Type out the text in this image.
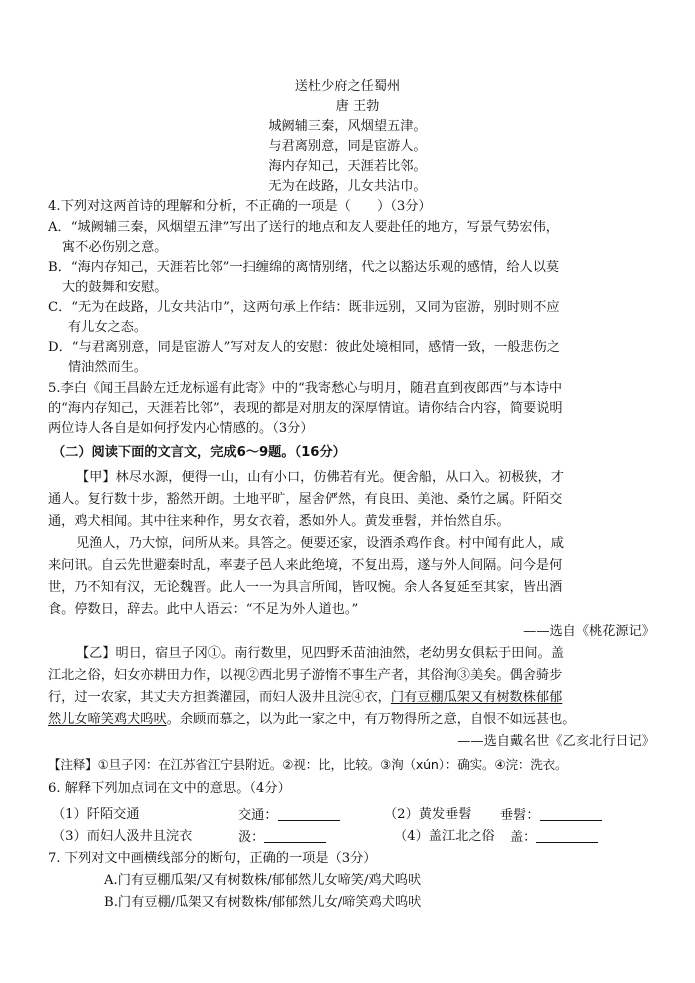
送杜少府之任蜀州
唐 王勃
城阙辅三秦，风烟望五津。
与君离别意，同是宦游人。
海内存知己，天涯若比邻。
无为在歧路，儿女共沾巾。
4.下列对这两首诗的理解和分析，不正确的一项是（　　）（3分）
A．“城阙辅三秦，风烟望五津”写出了送行的地点和友人要赴任的地方，写景气势宏伟，
寓不必伤别之意。
B．“海内存知己，天涯若比邻”一扫缠绵的离情别绪，代之以豁达乐观的感情，给人以莫
大的鼓舞和安慰。
C．“无为在歧路，儿女共沾巾”，这两句承上作结：既非远别，又同为宦游，别时则不应
有儿女之态。
D．“与君离别意，同是宦游人”写对友人的安慰：彼此处境相同，感情一致，一般悲伤之
情油然而生。
5.李白《闻王昌龄左迁龙标遥有此寄》中的“我寄愁心与明月，随君直到夜郎西”与本诗中
的“海内存知己，天涯若比邻”，表现的都是对朋友的深厚情谊。请你结合内容，简要说明
两位诗人各自是如何抒发内心情感的。（3分）
（二）阅读下面的文言文，完成6～9题。（16分）
【甲】林尽水源，便得一山，山有小口，仿佛若有光。便舍船，从口入。初极狭，才
通人。复行数十步，豁然开朗。土地平旷，屋舍俨然，有良田、美池、桑竹之属。阡陌交
通，鸡犬相闻。其中往来种作，男女衣着，悉如外人。黄发垂髫，并怡然自乐。
见渔人，乃大惊，问所从来。具答之。便要还家，设酒杀鸡作食。村中闻有此人，咸
来问讯。自云先世避秦时乱，率妻子邑人来此绝境，不复出焉，遂与外人间隔。问今是何
世，乃不知有汉，无论魏晋。此人一一为具言所闻，皆叹惋。余人各复延至其家，皆出酒
食。停数日，辞去。此中人语云：“不足为外人道也。”
——选自《桃花源记》
【乙】明日，宿旦子冈①。南行数里，见四野禾苗油油然，老幼男女俱耘于田间。盖
江北之俗，妇女亦耕田力作，以视②西北男子游惰不事生产者，其俗洵③美矣。偶舍骑步
行，过一农家，其丈夫方担粪灌园，而妇人汲井且浣④衣，门有豆棚瓜架又有树数株郁郁
然儿女啼笑鸡犬呜吠。余顾而慕之，以为此一家之中，有万物得所之意，自恨不如远甚也。
——选自戴名世《乙亥北行日记》
【注释】①旦子冈：在江苏省江宁县附近。②视：比，比较。③洵（xún）：确实。④浣：洗衣。
6. 解释下列加点词在文中的意思。（4分）
（1）阡陌交通	交通：	（2）黄发垂髫 垂髫：
（3）而妇人汲井且浣衣	汲：	（4）盖江北之俗 盖：
7. 下列对文中画横线部分的断句，正确的一项是（3分）
A.门有豆棚瓜架/又有树数株/郁郁然儿女啼笑/鸡犬呜吠
B.门有豆棚/瓜架又有树数株/郁郁然儿女/啼笑鸡犬呜吠
